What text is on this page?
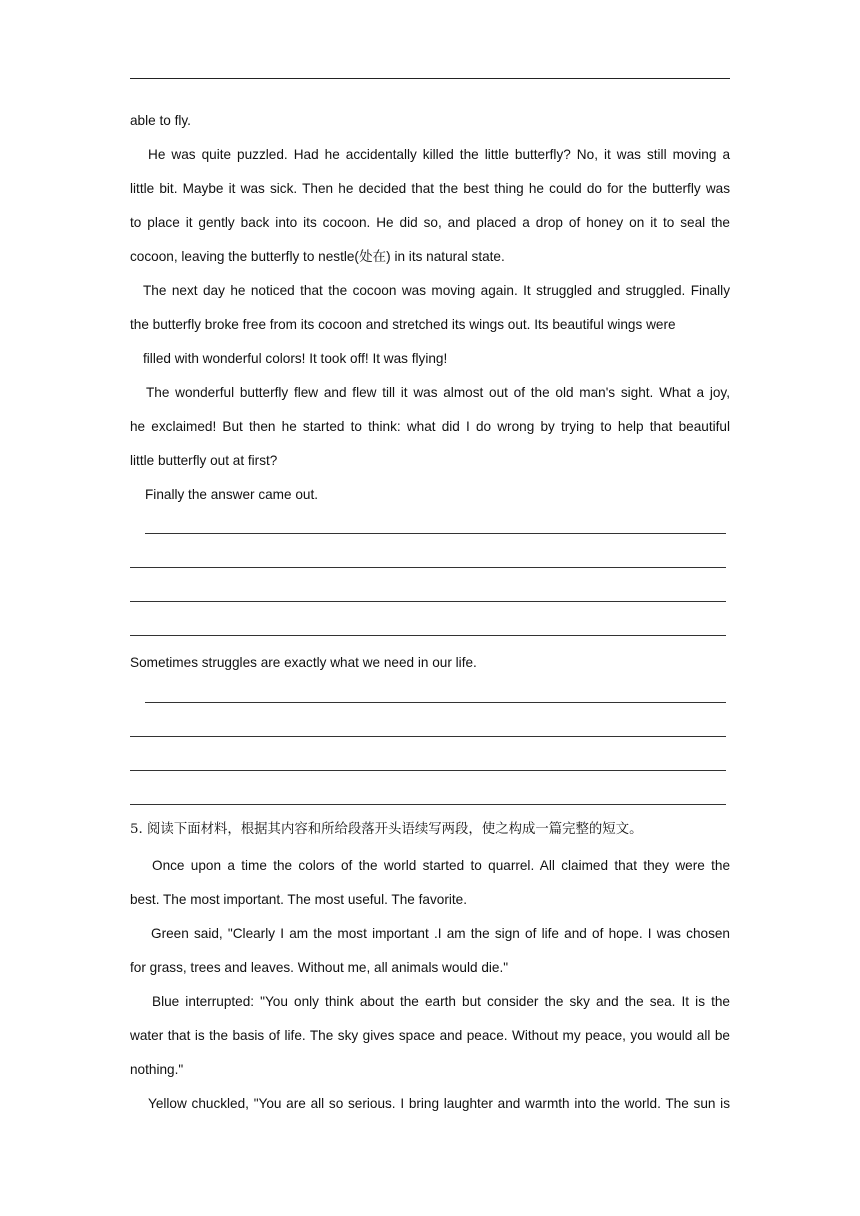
able to fly.
He was quite puzzled. Had he accidentally killed the little butterfly? No, it was still moving a
little bit. Maybe it was sick. Then he decided that the best thing he could do for the butterfly was
to place it gently back into its cocoon. He did so, and placed a drop of honey on it to seal the
cocoon, leaving the butterfly to nestle(处在) in its natural state.
The next day he noticed that the cocoon was moving again. It struggled and struggled. Finally
the butterfly broke free from its cocoon and stretched its wings out. Its beautiful wings were
filled with wonderful colors! It took off! It was flying!
The wonderful butterfly flew and flew till it was almost out of the old man's sight. What a joy,
he exclaimed! But then he started to think: what did I do wrong by trying to help that beautiful
little butterfly out at first?
Finally the answer came out.
Sometimes struggles are exactly what we need in our life.
5. 阅读下面材料，根据其内容和所给段落开头语续写两段，使之构成一篇完整的短文。
Once upon a time the colors of the world started to quarrel. All claimed that they were the
best. The most important. The most useful. The favorite.
Green said, "Clearly I am the most important .I am the sign of life and of hope. I was chosen
for grass, trees and leaves. Without me, all animals would die."
Blue interrupted: "You only think about the earth but consider the sky and the sea. It is the
water that is the basis of life. The sky gives space and peace. Without my peace, you would all be
nothing."
Yellow chuckled, "You are all so serious. I bring laughter and warmth into the world. The sun is
